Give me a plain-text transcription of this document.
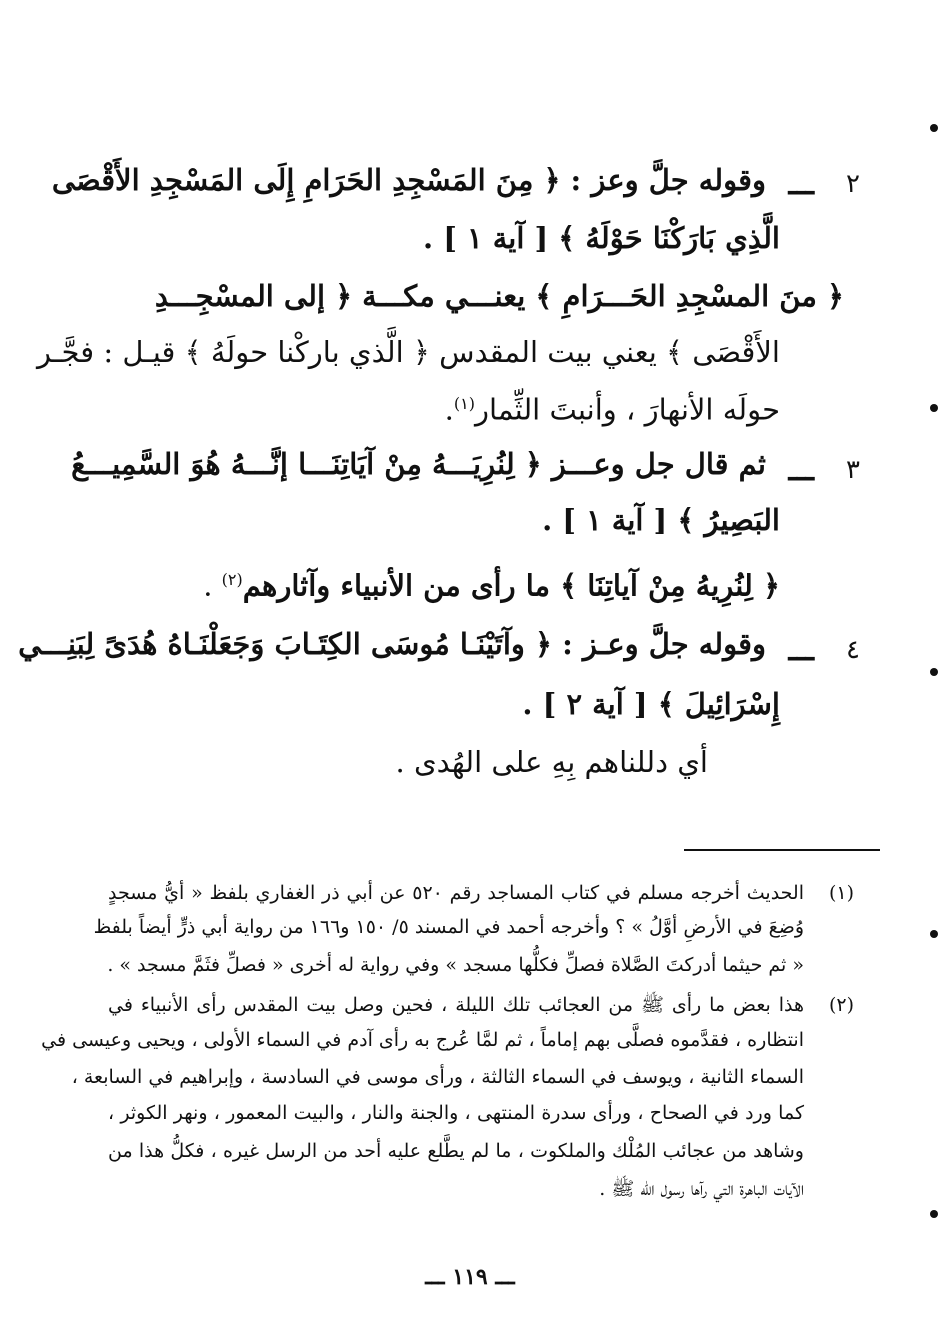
٢
ـــ
وقوله جلَّ وعز : ﴿ مِنَ المَسْجِدِ الحَرَامِ إِلَى المَسْجِدِ الأَقْصَى
الَّذِي بَارَكْنَا حَوْلَهُ ﴾ [ آية ١ ] .
﴿ منَ المسْجِدِ الحَـــرَامِ ﴾ يعنـــي مكـــة ﴿ إلى المسْجِـــدِ
الأَقْصَى ﴾ يعني بيت المقدس ﴿ الَّذي باركْنا حولَهُ ﴾ قيـل : فجَّـر
حولَه الأنهارَ ، وأنبتَ الثِّمار$^{(١)}$.
٣
ـــ
ثم قال جل وعـــز ﴿ لِنُرِيَـــهُ مِنْ آيَاتِنَـــا إنَّـــهُ هُوَ السَّمِيـــعُ
البَصِيرُ ﴾ [ آية ١ ] .
﴿ لِنُرِيهُ مِنْ آياتِنَا ﴾ ما رأى من الأنبياء وآثارهم$^{(٢)}$ .
٤
ـــ
وقوله جلَّ وعـز : ﴿ وآتَيْنَـا مُوسَى الكِتَـابَ وَجَعَلْنَـاهُ هُدَىً لِبَنِـــي
إِسْرَائِيلَ ﴾ [ آية ٢ ] .
أي دللناهم بِهِ على الهُدى .
(١)
الحديث أخرجه مسلم في كتاب المساجد رقم ٥٢٠ عن أبي ذر الغفاري بلفظ « أيُّ مسجدٍ
وُضِعَ في الأرضِ أوَّلُ » ؟ وأخرجه أحمد في المسند ٥/ ١٥٠ و١٦٦ من رواية أبي ذرٍّ أيضاً بلفظ
« ثم حيثما أدركتَ الصَّلاة فصلِّ فكلُّها مسجد » وفي رواية له أخرى « فصلِّ فثَمَّ مسجد » .
(٢)
هذا بعض ما رأى ﷺ من العجائب تلك الليلة ، فحين وصل بيت المقدس رأى الأنبياء في
انتظاره ، فقدَّموه فصلَّى بهم إماماً ، ثم لمَّا عُرج به رأى آدم في السماء الأولى ، ويحيى وعيسى في
السماء الثانية ، ويوسف في السماء الثالثة ، ورأى موسى في السادسة ، وإبراهيم في السابعة ،
كما ورد في الصحاح ، ورأى سدرة المنتهى ، والجنة والنار ، والبيت المعمور ، ونهر الكوثر ،
وشاهد من عجائب المُلْك والملكوت ، ما لم يطَّلع عليه أحد من الرسل غيره ، فكلُّ هذا من
الآيات الباهرة التي رآها رسول الله ﷺ .
ـــ ١١٩ ـــ
